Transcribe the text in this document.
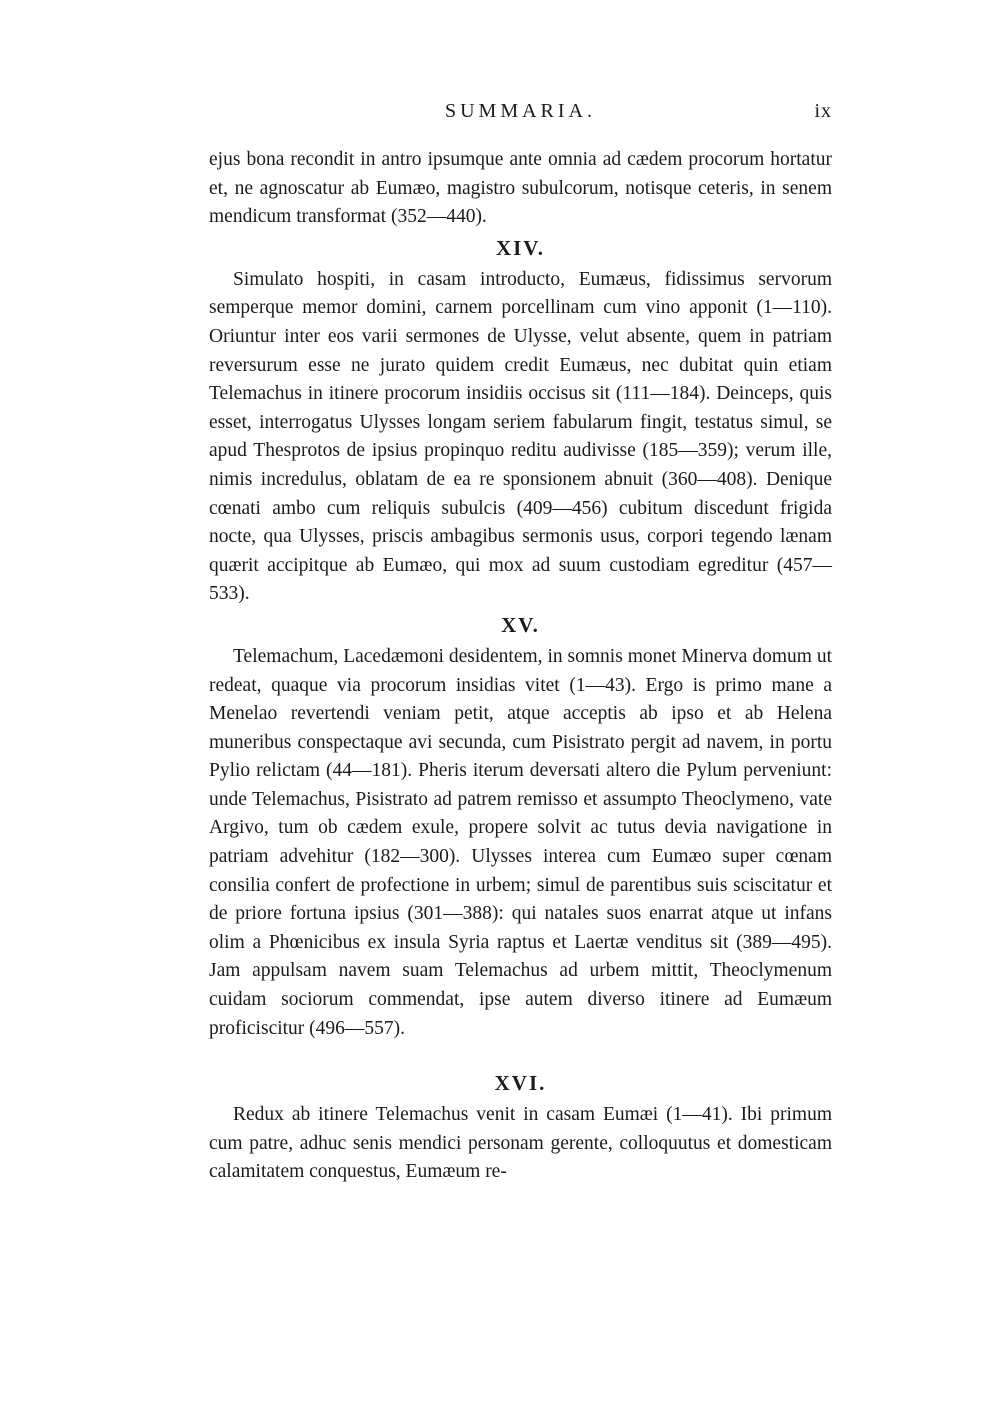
SUMMARIA.	ix

ejus bona recondit in antro ipsumque ante omnia ad cædem procorum hortatur et, ne agnoscatur ab Eumæo, magistro subulcorum, notisque ceteris, in senem mendicum transformat (352—440).

XIV.

Simulato hospiti, in casam introducto, Eumæus, fidissimus servorum semperque memor domini, carnem porcellinam cum vino apponit (1—110). Oriuntur inter eos varii sermones de Ulysse, velut absente, quem in patriam reversurum esse ne jurato quidem credit Eumæus, nec dubitat quin etiam Telemachus in itinere procorum insidiis occisus sit (111—184). Deinceps, quis esset, interrogatus Ulysses longam seriem fabularum fingit, testatus simul, se apud Thesprotos de ipsius propinquo reditu audivisse (185—359); verum ille, nimis incredulus, oblatam de ea re sponsionem abnuit (360—408). Denique cœnati ambo cum reliquis subulcis (409—456) cubitum discedunt frigida nocte, qua Ulysses, priscis ambagibus sermonis usus, corpori tegendo lænam quærit accipitque ab Eumæo, qui mox ad suum custodiam egreditur (457—533).

XV.

Telemachum, Lacedæmoni desidentem, in somnis monet Minerva domum ut redeat, quaque via procorum insidias vitet (1—43). Ergo is primo mane a Menelao revertendi veniam petit, atque acceptis ab ipso et ab Helena muneribus conspectaque avi secunda, cum Pisistrato pergit ad navem, in portu Pylio relictam (44—181). Pheris iterum deversati altero die Pylum perveniunt: unde Telemachus, Pisistrato ad patrem remisso et assumpto Theoclymeno, vate Argivo, tum ob cædem exule, propere solvit ac tutus devia navigatione in patriam advehitur (182—300). Ulysses interea cum Eumæo super cœnam consilia confert de profectione in urbem; simul de parentibus suis sciscitatur et de priore fortuna ipsius (301—388): qui natales suos enarrat atque ut infans olim a Phœnicibus ex insula Syria raptus et Laertæ venditus sit (389—495). Jam appulsam navem suam Telemachus ad urbem mittit, Theoclymenum cuidam sociorum commendat, ipse autem diverso itinere ad Eumæum proficiscitur (496—557).

XVI.

Redux ab itinere Telemachus venit in casam Eumæi (1—41). Ibi primum cum patre, adhuc senis mendici personam gerente, colloquutus et domesticam calamitatem conquestus, Eumæum re-
